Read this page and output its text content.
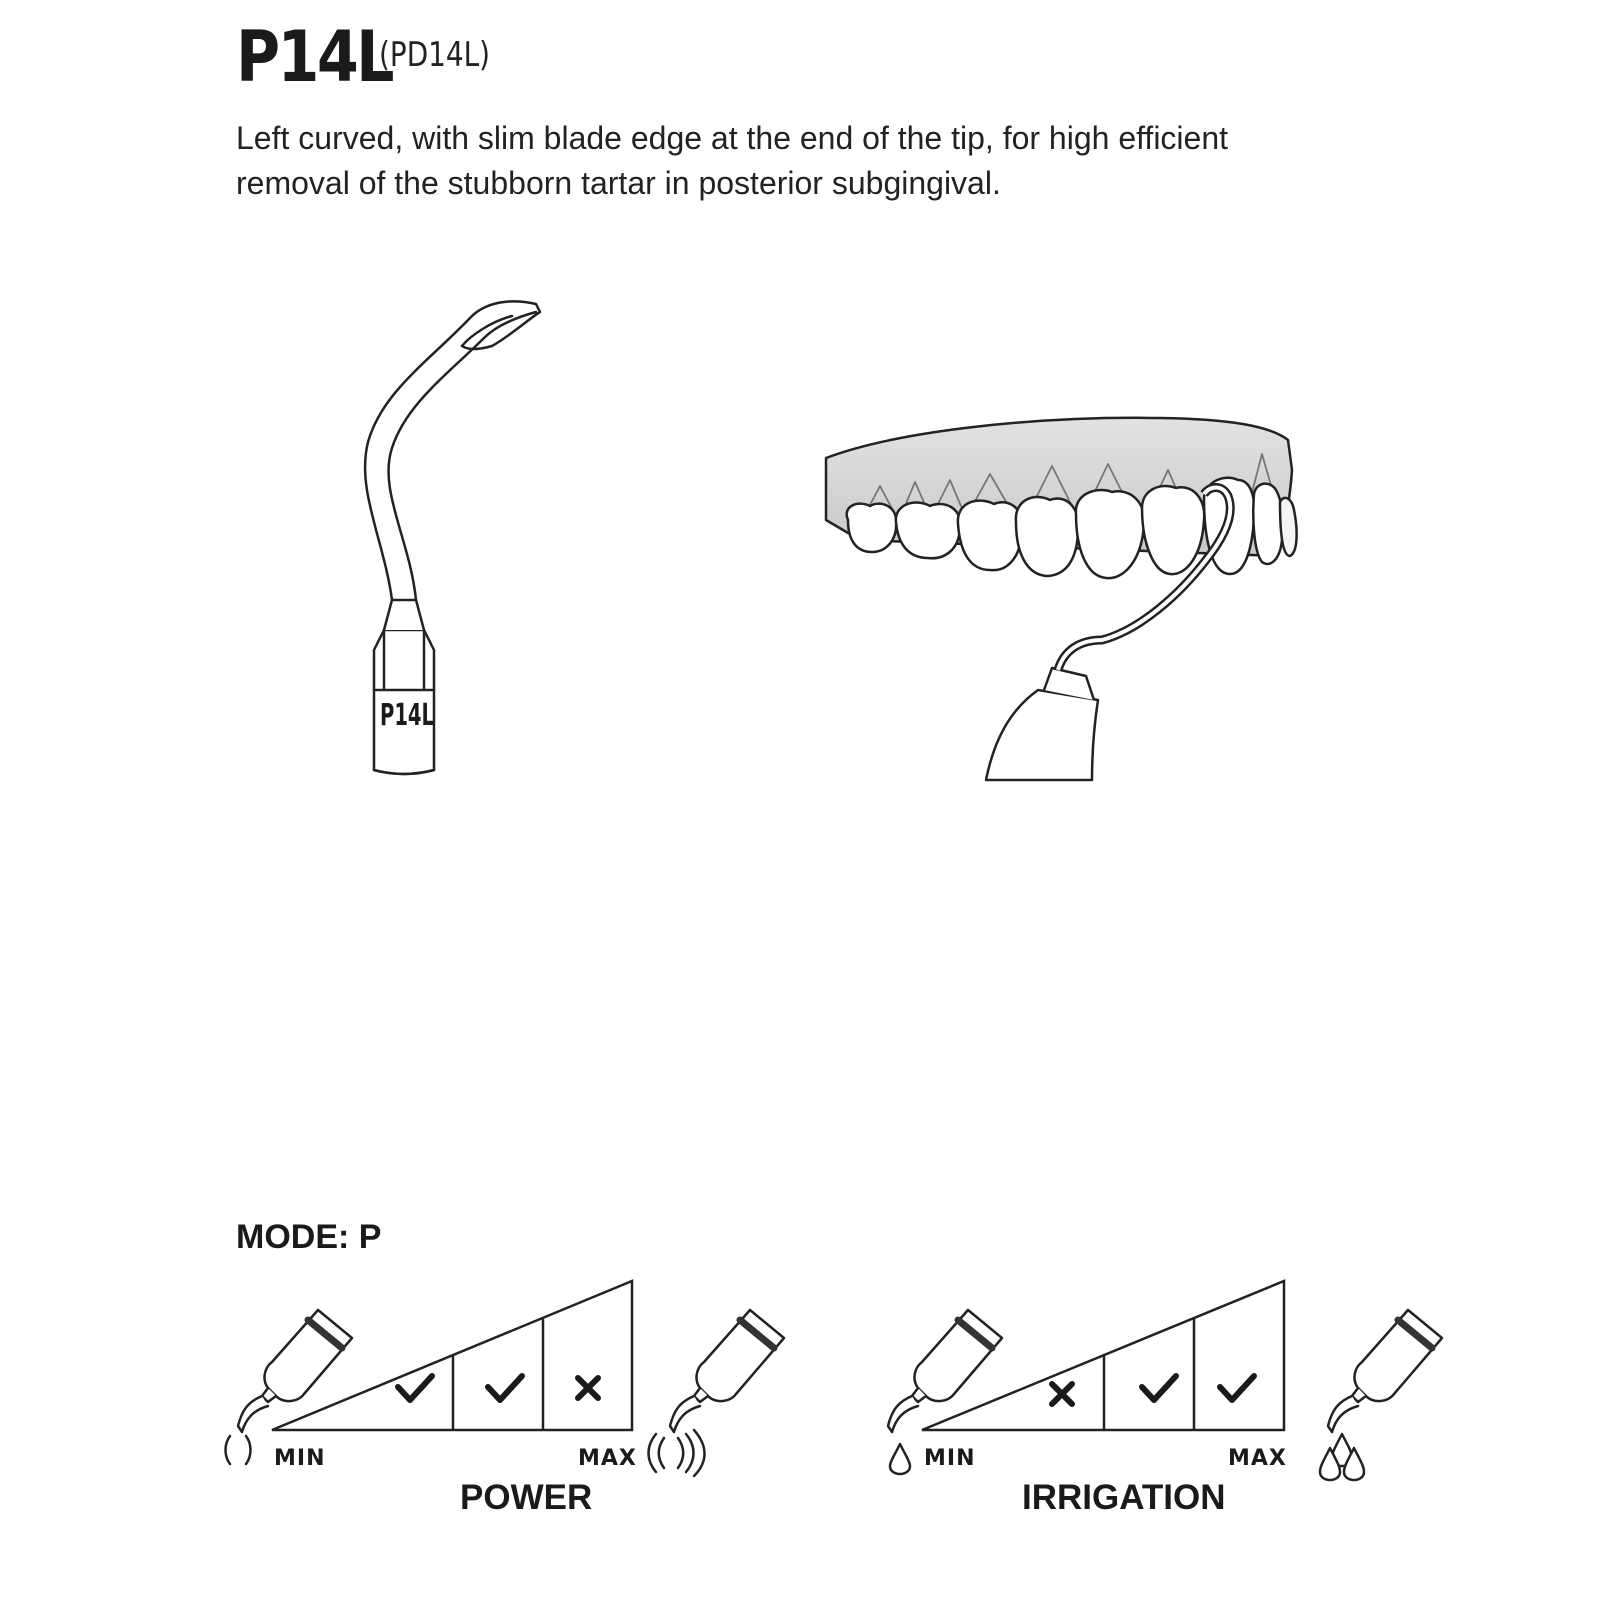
P14L
(PD14L)
Left curved, with slim blade edge at the end of the tip, for high efficient
removal of the stubborn tartar in posterior subgingival.
P14L
MODE: P
MIN	MAX
POWER
MIN	MAX
IRRIGATION
